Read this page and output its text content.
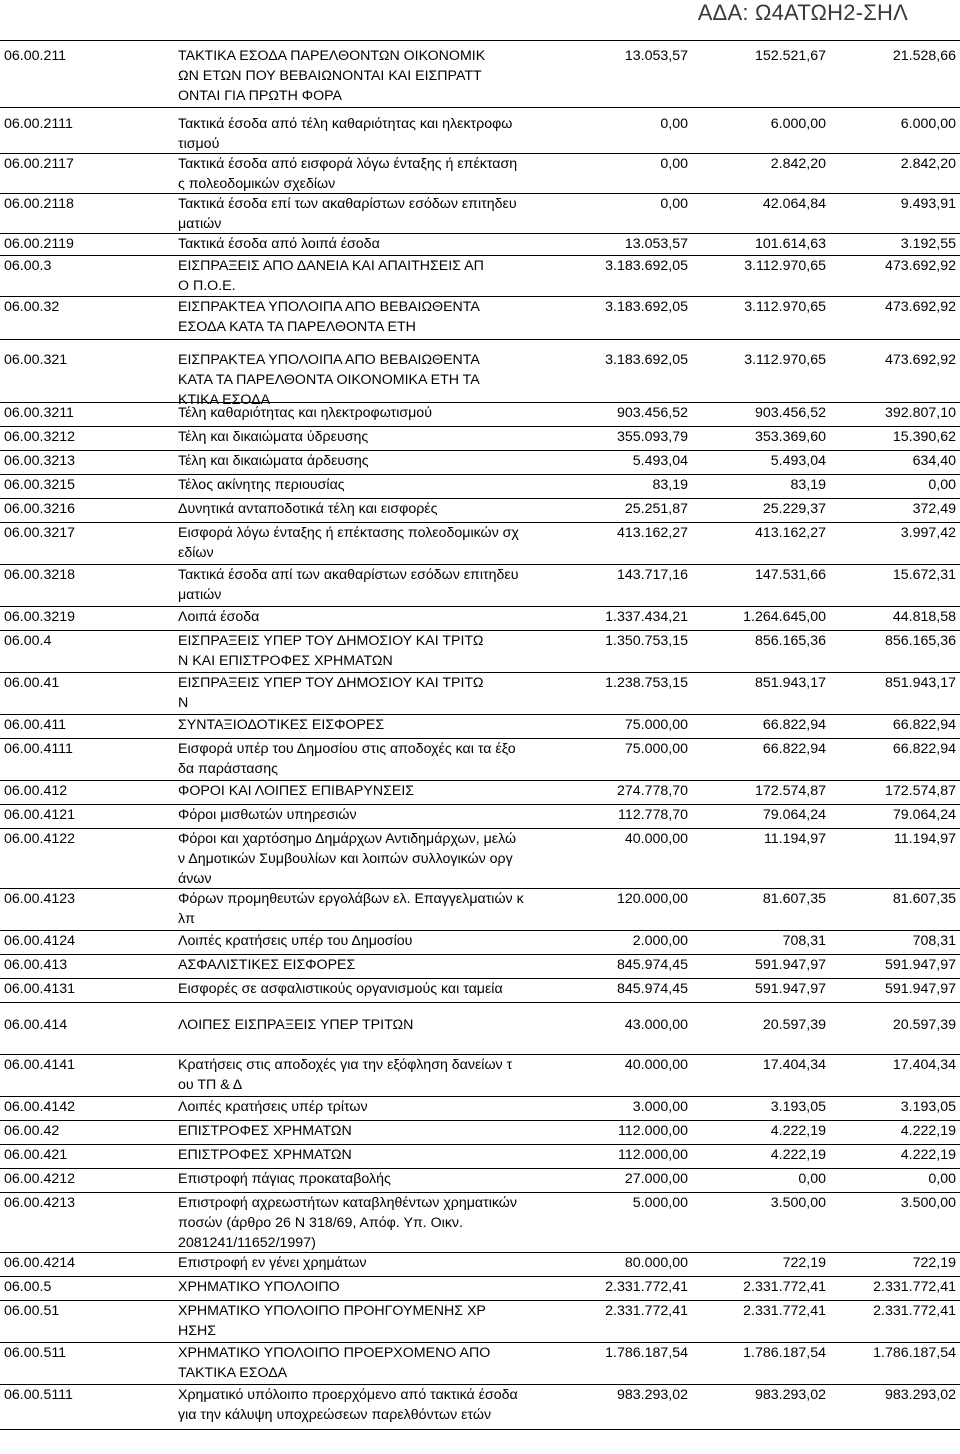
ΑΔΑ: Ω4ΑΤΩΗ2-ΣΗΛ
06.00.211	ΤΑΚΤΙΚΑ ΕΣΟΔΑ ΠΑΡΕΛΘΟΝΤΩΝ ΟΙΚΟΝΟΜΙΚ
ΩΝ ΕΤΩΝ ΠΟΥ ΒΕΒΑΙΩΝΟΝΤΑΙ ΚΑΙ ΕΙΣΠΡΑΤΤ
ΟΝΤΑΙ ΓΙΑ ΠΡΩΤΗ ΦΟΡΑ
13.053,57	152.521,67	21.528,66
06.00.2111	Τακτικά έσοδα από τέλη καθαριότητας και ηλεκτροφω
τισμού
0,00	6.000,00	6.000,00
06.00.2117	Τακτικά έσοδα από εισφορά λόγω ένταξης ή επέκταση
ς πολεοδομικών σχεδίων
0,00	2.842,20	2.842,20
06.00.2118	Τακτικά έσοδα επί των ακαθαρίστων εσόδων επιτηδευ
ματιών
0,00	42.064,84	9.493,91
06.00.2119	Τακτικά έσοδα από λοιπά έσοδα	13.053,57	101.614,63	3.192,55
06.00.3	ΕΙΣΠΡΑΞΕΙΣ ΑΠΟ ΔΑΝΕΙΑ ΚΑΙ ΑΠΑΙΤΗΣΕΙΣ ΑΠ
Ο Π.Ο.Ε.
3.183.692,05	3.112.970,65	473.692,92
06.00.32	ΕΙΣΠΡΑΚΤΕΑ ΥΠΟΛΟΙΠΑ ΑΠΟ ΒΕΒΑΙΩΘΕΝΤΑ
ΕΣΟΔΑ ΚΑΤΑ ΤΑ ΠΑΡΕΛΘΟΝΤΑ ΕΤΗ
3.183.692,05	3.112.970,65	473.692,92
06.00.321	ΕΙΣΠΡΑΚΤΕΑ ΥΠΟΛΟΙΠΑ ΑΠΟ ΒΕΒΑΙΩΘΕΝΤΑ
ΚΑΤΑ ΤΑ ΠΑΡΕΛΘΟΝΤΑ ΟΙΚΟΝΟΜΙΚΑ ΕΤΗ ΤΑ
ΚΤΙΚΑ ΕΣΟΔΑ
3.183.692,05	3.112.970,65	473.692,92
06.00.3211	Τέλη καθαριότητας και ηλεκτροφωτισμού	903.456,52	903.456,52	392.807,10
06.00.3212	Τέλη και δικαιώματα ύδρευσης	355.093,79	353.369,60	15.390,62
06.00.3213	Τέλη και δικαιώματα άρδευσης	5.493,04	5.493,04	634,40
06.00.3215	Τέλος ακίνητης περιουσίας	83,19	83,19	0,00
06.00.3216	Δυνητικά ανταποδοτικά τέλη και εισφορές	25.251,87	25.229,37	372,49
06.00.3217	Εισφορά λόγω ένταξης ή επέκτασης πολεοδομικών σχ
εδίων
413.162,27	413.162,27	3.997,42
06.00.3218	Τακτικά έσοδα απί των ακαθαρίστων εσόδων επιτηδευ
ματιών
143.717,16	147.531,66	15.672,31
06.00.3219	Λοιπά έσοδα	1.337.434,21	1.264.645,00	44.818,58
06.00.4	ΕΙΣΠΡΑΞΕΙΣ ΥΠΕΡ ΤΟΥ ΔΗΜΟΣΙΟΥ ΚΑΙ ΤΡΙΤΩ
Ν ΚΑΙ ΕΠΙΣΤΡΟΦΕΣ ΧΡΗΜΑΤΩΝ
1.350.753,15	856.165,36	856.165,36
06.00.41	ΕΙΣΠΡΑΞΕΙΣ ΥΠΕΡ ΤΟΥ ΔΗΜΟΣΙΟΥ ΚΑΙ ΤΡΙΤΩ
Ν
1.238.753,15	851.943,17	851.943,17
06.00.411	ΣΥΝΤΑΞΙΟΔΟΤΙΚΕΣ ΕΙΣΦΟΡΕΣ	75.000,00	66.822,94	66.822,94
06.00.4111	Εισφορά υπέρ του Δημοσίου στις αποδοχές και τα έξο
δα παράστασης
75.000,00	66.822,94	66.822,94
06.00.412	ΦΟΡΟΙ ΚΑΙ ΛΟΙΠΕΣ ΕΠΙΒΑΡΥΝΣΕΙΣ	274.778,70	172.574,87	172.574,87
06.00.4121	Φόροι μισθωτών υπηρεσιών	112.778,70	79.064,24	79.064,24
06.00.4122	Φόροι και χαρτόσημο Δημάρχων Αντιδημάρχων, μελώ
ν Δημοτικών Συμβουλίων και λοιπών συλλογικών οργ
άνων
40.000,00	11.194,97	11.194,97
06.00.4123	Φόρων προμηθευτών εργολάβων ελ. Επαγγελματιών κ
λπ
120.000,00	81.607,35	81.607,35
06.00.4124	Λοιπές κρατήσεις υπέρ του Δημοσίου	2.000,00	708,31	708,31
06.00.413	ΑΣΦΑΛΙΣΤΙΚΕΣ ΕΙΣΦΟΡΕΣ	845.974,45	591.947,97	591.947,97
06.00.4131	Εισφορές σε ασφαλιστικούς οργανισμούς και ταμεία	845.974,45	591.947,97	591.947,97
06.00.414	ΛΟΙΠΕΣ ΕΙΣΠΡΑΞΕΙΣ ΥΠΕΡ ΤΡΙΤΩΝ	43.000,00	20.597,39	20.597,39
06.00.4141	Κρατήσεις στις αποδοχές για την εξόφληση δανείων τ
ου ΤΠ & Δ
40.000,00	17.404,34	17.404,34
06.00.4142	Λοιπές κρατήσεις υπέρ τρίτων	3.000,00	3.193,05	3.193,05
06.00.42	ΕΠΙΣΤΡΟΦΕΣ ΧΡΗΜΑΤΩΝ	112.000,00	4.222,19	4.222,19
06.00.421	ΕΠΙΣΤΡΟΦΕΣ ΧΡΗΜΑΤΩΝ	112.000,00	4.222,19	4.222,19
06.00.4212	Επιστροφή πάγιας προκαταβολής	27.000,00	0,00	0,00
06.00.4213	Επιστροφή αχρεωστήτων καταβληθέντων χρηματικών
ποσών (άρθρο 26 Ν 318/69, Απόφ. Υπ. Οικν.
2081241/11652/1997)
5.000,00	3.500,00	3.500,00
06.00.4214	Επιστροφή εν γένει χρημάτων	80.000,00	722,19	722,19
06.00.5	ΧΡΗΜΑΤΙΚΟ ΥΠΟΛΟΙΠΟ	2.331.772,41	2.331.772,41	2.331.772,41
06.00.51	ΧΡΗΜΑΤΙΚΟ ΥΠΟΛΟΙΠΟ ΠΡΟΗΓΟΥΜΕΝΗΣ ΧΡ
ΗΣΗΣ
2.331.772,41	2.331.772,41	2.331.772,41
06.00.511	ΧΡΗΜΑΤΙΚΟ ΥΠΟΛΟΙΠΟ ΠΡΟΕΡΧΟΜΕΝΟ ΑΠΟ
ΤΑΚΤΙΚΑ ΕΣΟΔΑ
1.786.187,54	1.786.187,54	1.786.187,54
06.00.5111	Χρηματικό υπόλοιπο προερχόμενο από τακτικά έσοδα
για την κάλυψη υποχρεώσεων παρελθόντων ετών
983.293,02	983.293,02	983.293,02
